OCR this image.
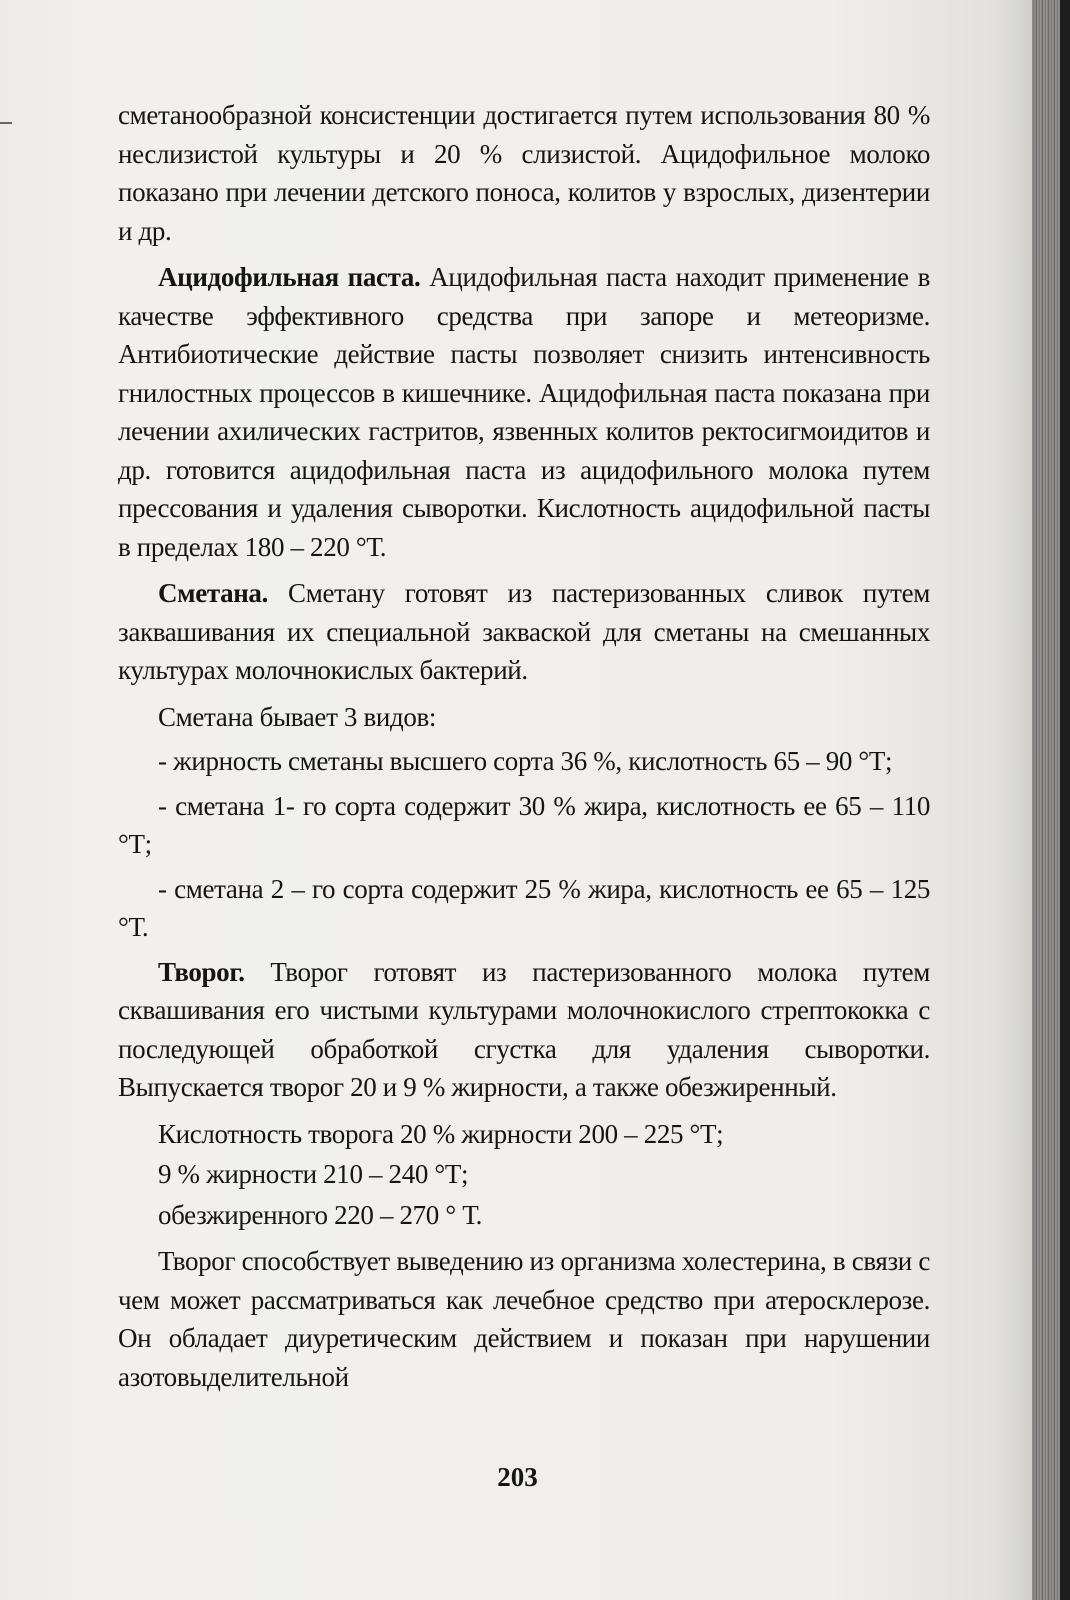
сметанообразной консистенции достигается путем использования 80 % неслизистой культуры и 20 % слизистой. Ацидофильное молоко показано при лечении детского поноса, колитов у взрослых, дизентерии и др.

Ацидофильная паста. Ацидофильная паста находит применение в качестве эффективного средства при запоре и метеоризме. Антибиотические действие пасты позволяет снизить интенсивность гнилостных процессов в кишечнике. Ацидофильная паста показана при лечении ахилических гастритов, язвенных колитов ректосигмоидитов и др. готовится ацидофильная паста из ацидофильного молока путем прессования и удаления сыворотки. Кислотность ацидофильной пасты в пределах 180 – 220 °Т.

Сметана. Сметану готовят из пастеризованных сливок путем заквашивания их специальной закваской для сметаны на смешанных культурах молочнокислых бактерий.

Сметана бывает 3 видов:

- жирность сметаны высшего сорта 36 %, кислотность 65 – 90 °Т;

- сметана 1- го сорта содержит 30 % жира, кислотность ее 65 – 110 °Т;

- сметана 2 – го сорта содержит 25 % жира, кислотность ее 65 – 125 °Т.

Творог. Творог готовят из пастеризованного молока путем сквашивания его чистыми культурами молочнокислого стрептококка с последующей обработкой сгустка для удаления сыворотки. Выпускается творог 20 и 9 % жирности, а также обезжиренный.

Кислотность творога 20 % жирности 200 – 225 °Т;

9 % жирности 210 – 240 °Т;

обезжиренного 220 – 270 ° Т.

Творог способствует выведению из организма холестерина, в связи с чем может рассматриваться как лечебное средство при атеросклерозе. Он обладает диуретическим действием и показан при нарушении азотовыделительной

203
